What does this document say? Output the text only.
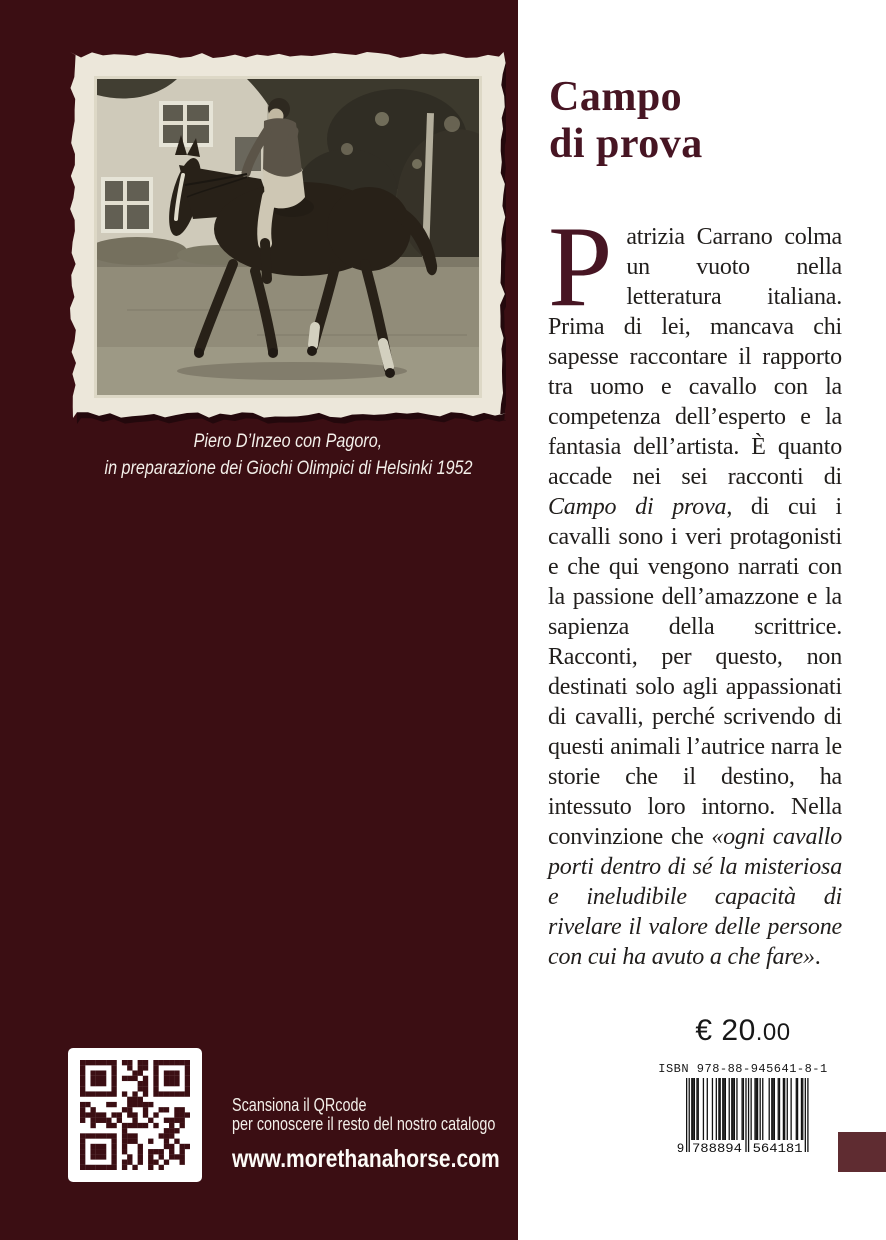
Piero D’Inzeo con Pagoro,
in preparazione dei Giochi Olimpici di Helsinki 1952
Scansiona il QRcode
per conoscere il resto del nostro catalogo
www.morethanahorse.com
Campo
di prova

Patrizia Carrano colma un vuoto nella letteratura italiana. Prima di lei, mancava chi sapesse raccontare il rapporto tra uomo e cavallo con la competenza dell’esperto e la fantasia dell’artista. È quanto accade nei sei racconti di Campo di prova, di cui i cavalli sono i veri protagonisti e che qui vengono narrati con la passione dell’amazzone e la sapienza della scrittrice. Racconti, per questo, non destinati solo agli appassionati di cavalli, perché scrivendo di questi animali l’autrice narra le storie che il destino, ha intessuto loro intorno. Nella convinzione che «ogni cavallo porti dentro di sé la misteriosa e ineludibile capacità di rivelare il valore delle persone con cui ha avuto a che fare».

€ 20.00
ISBN 978-88-945641-8-1
9 788894 564181
